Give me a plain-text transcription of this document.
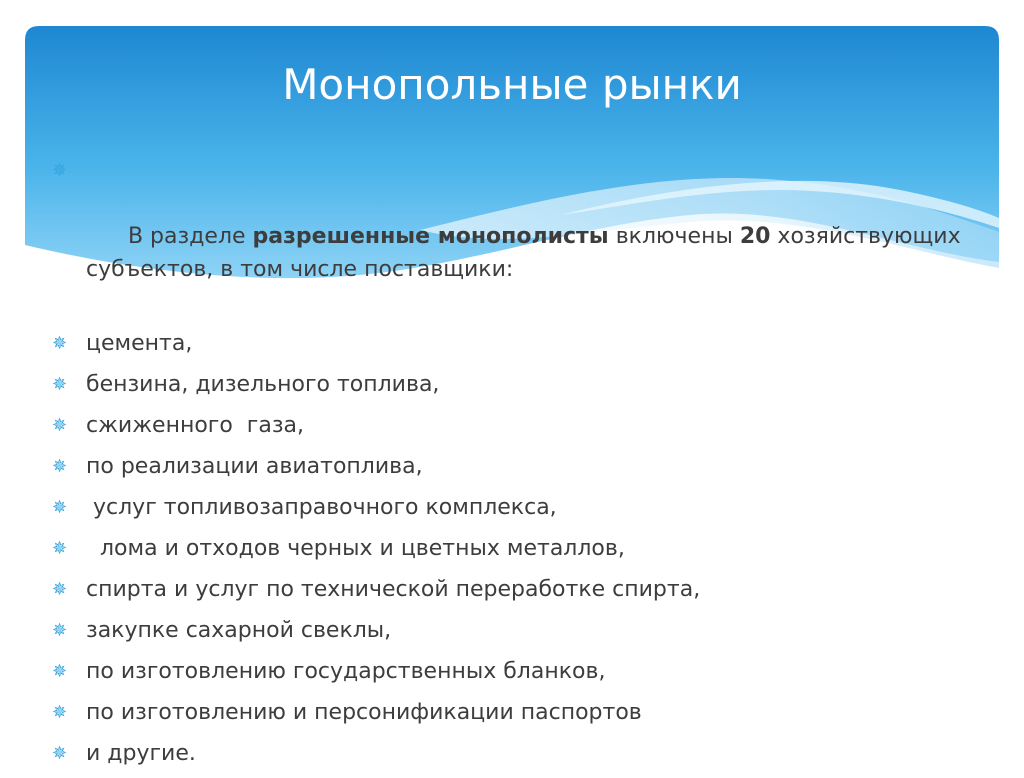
Монопольные рынки

✵

В разделе разрешенные монополисты включены 20 хозяйствующих субъектов, в том числе поставщики:

✵ цемента,
✵ бензина, дизельного топлива,
✵ сжиженного  газа,
✵ по реализации авиатоплива,
✵ услуг топливозаправочного комплекса,
✵ лома и отходов черных и цветных металлов,
✵ спирта и услуг по технической переработке спирта,
✵ закупке сахарной свеклы,
✵ по изготовлению государственных бланков,
✵ по изготовлению и персонификации паспортов
✵ и другие.
